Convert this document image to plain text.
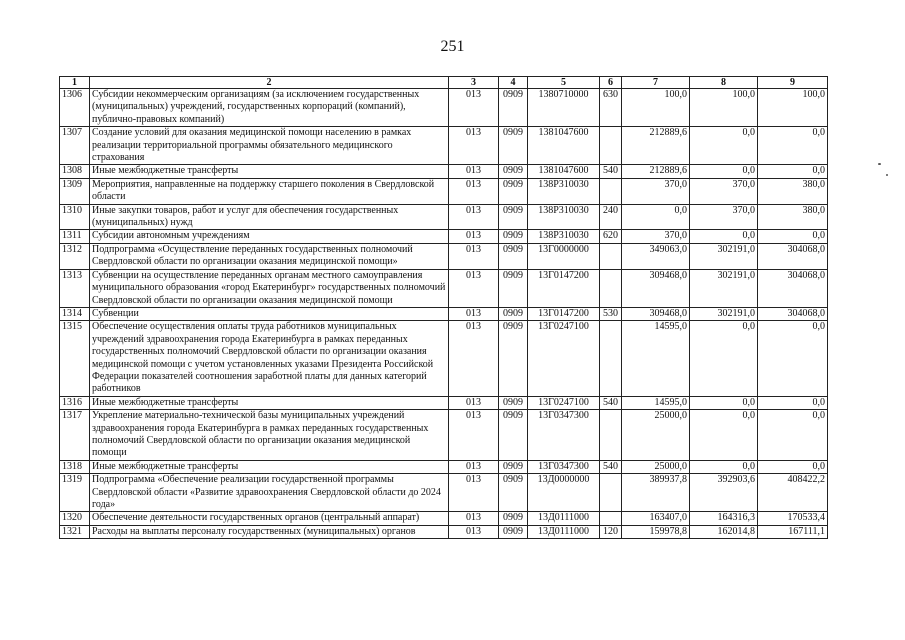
251
1	2	3	4	5	6	7	8	9
1306	Субсидии некоммерческим организациям (за исключением государственных (муниципальных) учреждений, государственных корпораций (компаний), публично-правовых компаний)	013	0909	1380710000	630	100,0	100,0	100,0
1307	Создание условий для оказания медицинской помощи населению в рамках реализации территориальной программы обязательного медицинского страхования	013	0909	1381047600		212889,6	0,0	0,0
1308	Иные межбюджетные трансферты	013	0909	1381047600	540	212889,6	0,0	0,0
1309	Мероприятия, направленные на поддержку старшего поколения в Свердловской области	013	0909	138P310030		370,0	370,0	380,0
1310	Иные закупки товаров, работ и услуг для обеспечения государственных (муниципальных) нужд	013	0909	138P310030	240	0,0	370,0	380,0
1311	Субсидии автономным учреждениям	013	0909	138P310030	620	370,0	0,0	0,0
1312	Подпрограмма «Осуществление переданных государственных полномочий Свердловской области по организации оказания медицинской помощи»	013	0909	13Г0000000		349063,0	302191,0	304068,0
1313	Субвенции на осуществление переданных органам местного самоуправления муниципального образования «город Екатеринбург» государственных полномочий Свердловской области по организации оказания медицинской помощи	013	0909	13Г0147200		309468,0	302191,0	304068,0
1314	Субвенции	013	0909	13Г0147200	530	309468,0	302191,0	304068,0
1315	Обеспечение осуществления оплаты труда работников муниципальных учреждений здравоохранения города Екатеринбурга в рамках переданных государственных полномочий Свердловской области по организации оказания медицинской помощи с учетом установленных указами Президента Российской Федерации показателей соотношения заработной платы для данных категорий работников	013	0909	13Г0247100		14595,0	0,0	0,0
1316	Иные межбюджетные трансферты	013	0909	13Г0247100	540	14595,0	0,0	0,0
1317	Укрепление материально-технической базы муниципальных учреждений здравоохранения города Екатеринбурга в рамках переданных государственных полномочий Свердловской области по организации оказания медицинской помощи	013	0909	13Г0347300		25000,0	0,0	0,0
1318	Иные межбюджетные трансферты	013	0909	13Г0347300	540	25000,0	0,0	0,0
1319	Подпрограмма «Обеспечение реализации государственной программы Свердловской области «Развитие здравоохранения Свердловской области до 2024 года»	013	0909	13Д0000000		389937,8	392903,6	408422,2
1320	Обеспечение деятельности государственных органов (центральный аппарат)	013	0909	13Д0111000		163407,0	164316,3	170533,4
1321	Расходы на выплаты персоналу государственных (муниципальных) органов	013	0909	13Д0111000	120	159978,8	162014,8	167111,1
